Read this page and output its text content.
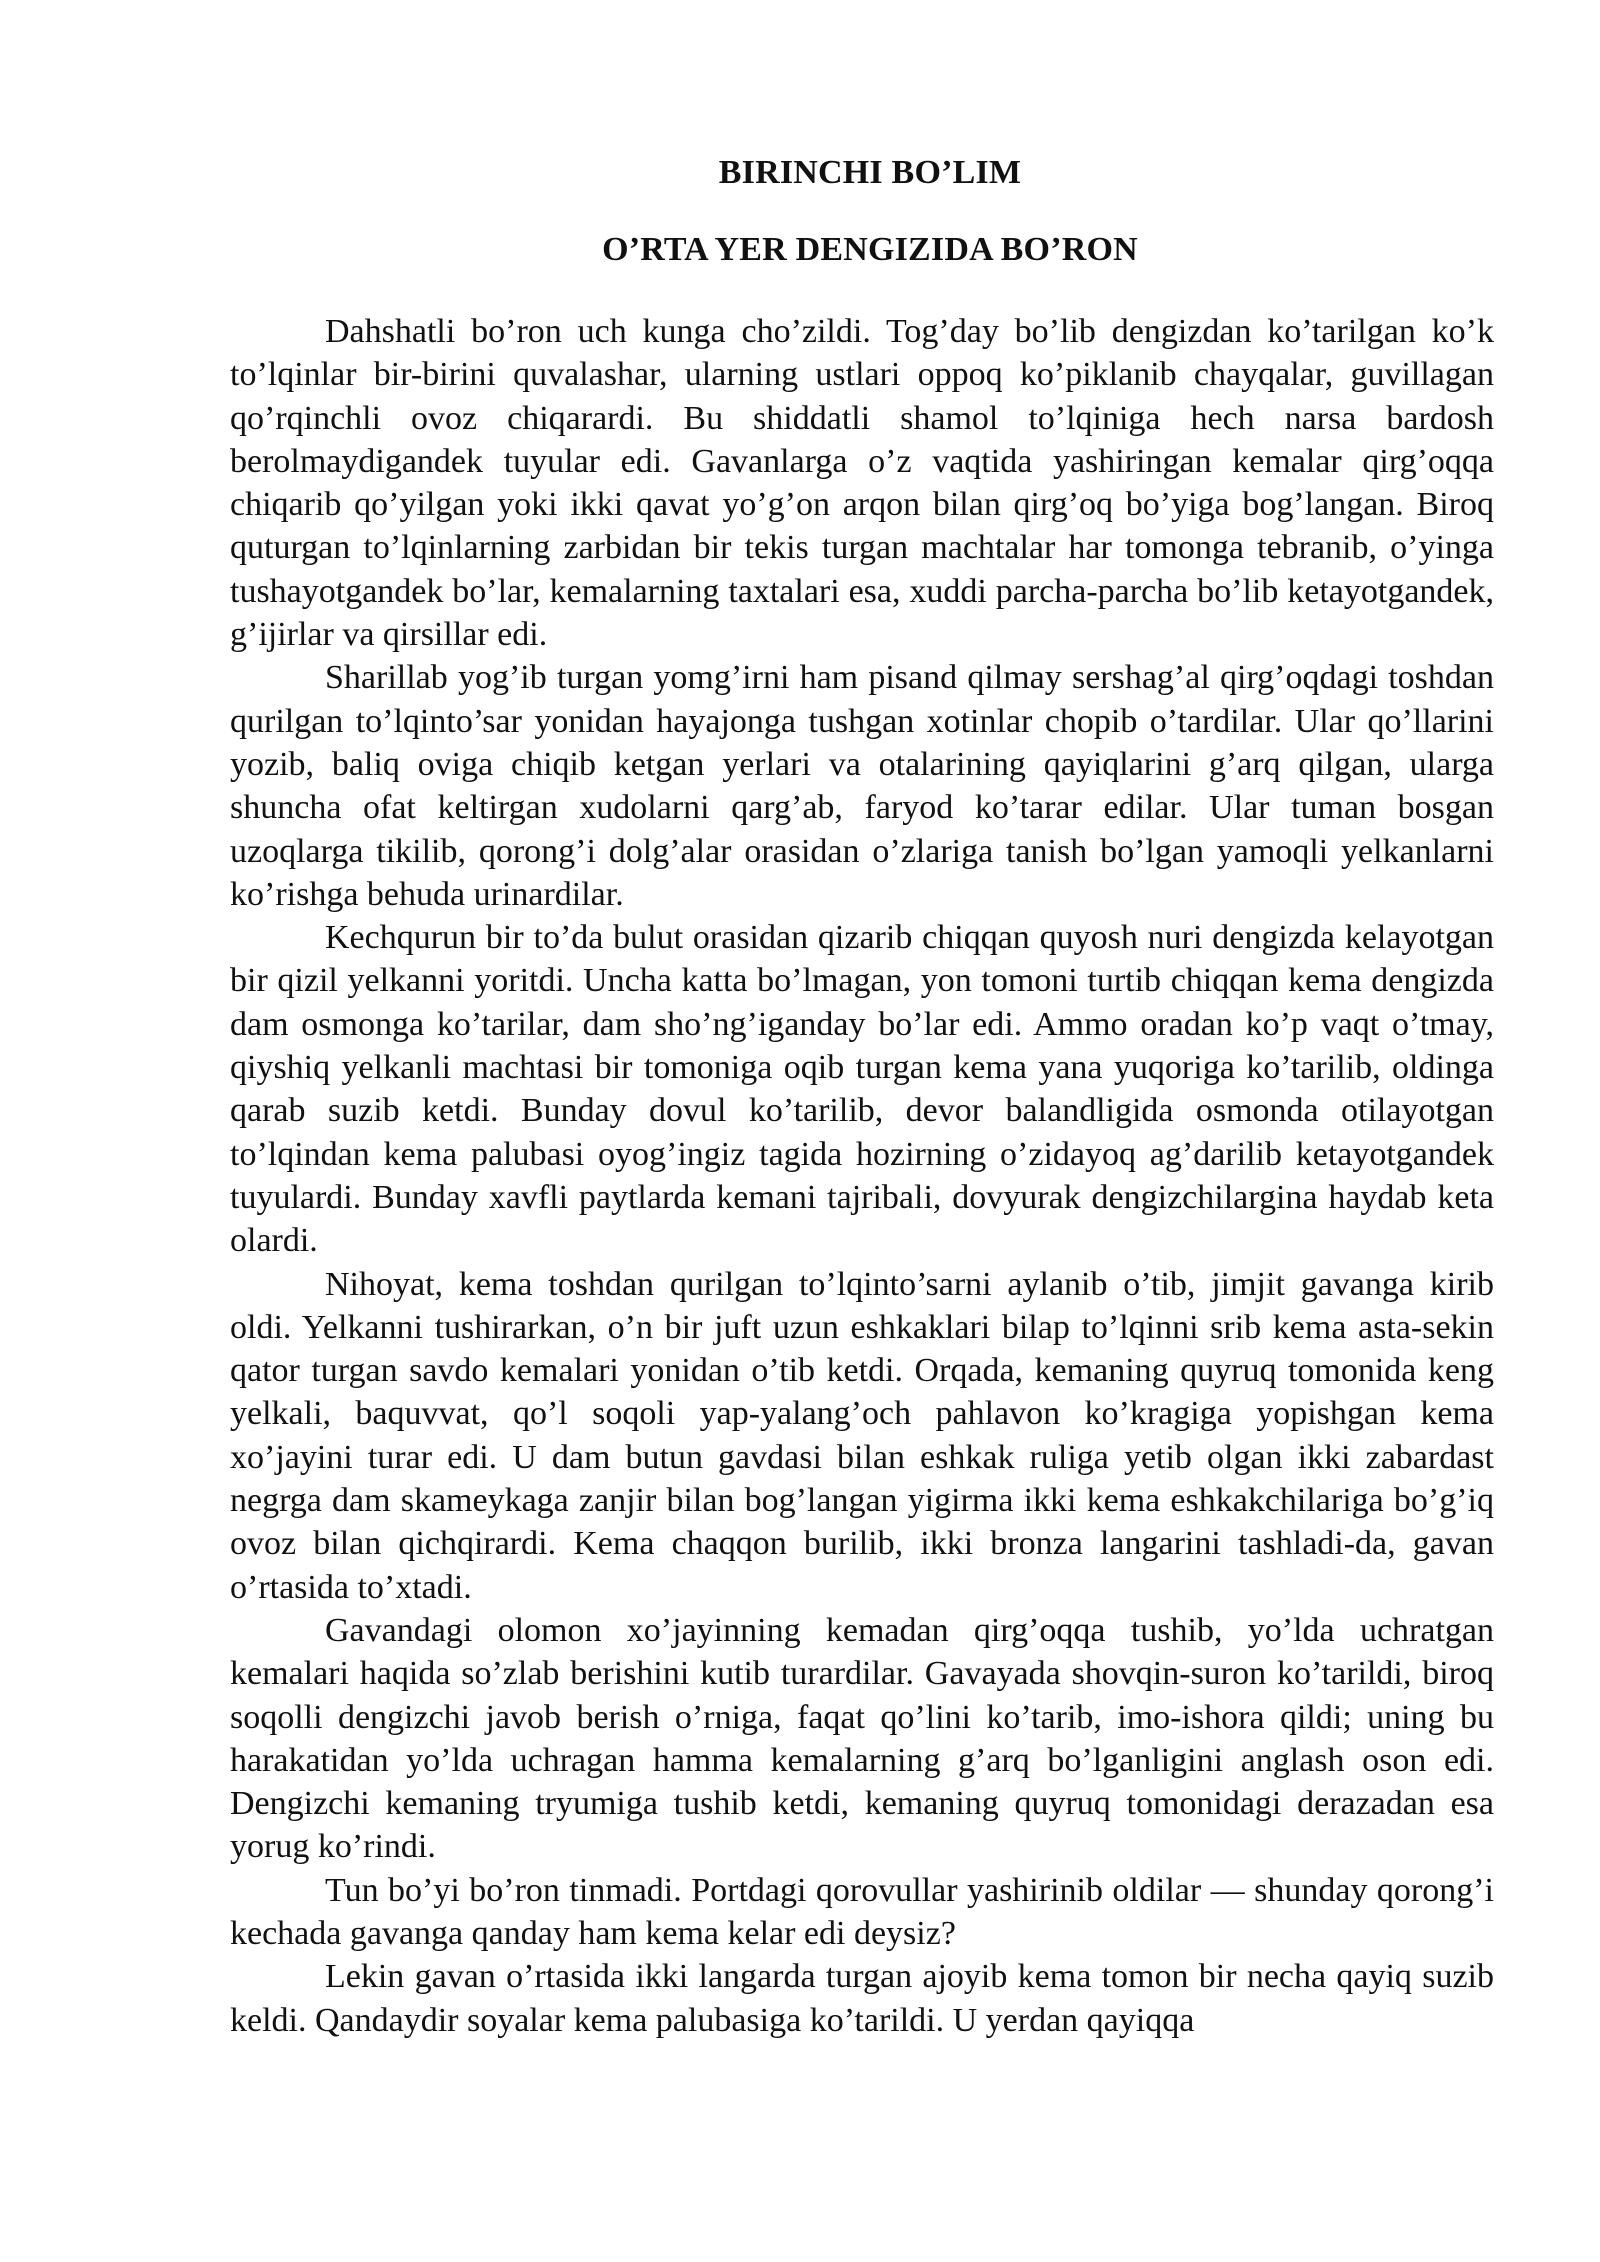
BIRINCHI BO’LIM
O’RTA YER DENGIZIDA BO’RON

Dahshatli bo’ron uch kunga cho’zildi. Tog’day bo’lib dengizdan ko’tarilgan ko’k to’lqinlar bir-birini quvalashar, ularning ustlari oppoq ko’piklanib chayqalar, guvillagan qo’rqinchli ovoz chiqarardi. Bu shiddatli shamol to’lqiniga hech narsa bardosh berolmaydigandek tuyular edi. Gavanlarga o’z vaqtida yashiringan kemalar qirg’oqqa chiqarib qo’yilgan yoki ikki qavat yo’g’on arqon bilan qirg’oq bo’yiga bog’langan. Biroq quturgan to’lqinlarning zarbidan bir tekis turgan machtalar har tomonga tebranib, o’yinga tushayotgandek bo’lar, kemalarning taxtalari esa, xuddi parcha-parcha bo’lib ketayotgandek, g’ijirlar va qirsillar edi.

Sharillab yog’ib turgan yomg’irni ham pisand qilmay sershag’al qirg’oqdagi toshdan qurilgan to’lqinto’sar yonidan hayajonga tushgan xotinlar chopib o’tardilar. Ular qo’llarini yozib, baliq oviga chiqib ketgan yerlari va otalarining qayiqlarini g’arq qilgan, ularga shuncha ofat keltirgan xudolarni qarg’ab, faryod ko’tarar edilar. Ular tuman bosgan uzoqlarga tikilib, qorong’i dolg’alar orasidan o’zlariga tanish bo’lgan yamoqli yelkanlarni ko’rishga behuda urinardilar.

Kechqurun bir to’da bulut orasidan qizarib chiqqan quyosh nuri dengizda kelayotgan bir qizil yelkanni yoritdi. Uncha katta bo’lmagan, yon tomoni turtib chiqqan kema dengizda dam osmonga ko’tarilar, dam sho’ng’iganday bo’lar edi. Ammo oradan ko’p vaqt o’tmay, qiyshiq yelkanli machtasi bir tomoniga oqib turgan kema yana yuqoriga ko’tarilib, oldinga qarab suzib ketdi. Bunday dovul ko’tarilib, devor balandligida osmonda otilayotgan to’lqindan kema palubasi oyog’ingiz tagida hozirning o’zidayoq ag’darilib ketayotgandek tuyulardi. Bunday xavfli paytlarda kemani tajribali, dovyurak dengizchilargina haydab keta olardi.

Nihoyat, kema toshdan qurilgan to’lqinto’sarni aylanib o’tib, jimjit gavanga kirib oldi. Yelkanni tushirarkan, o’n bir juft uzun eshkaklari bilap to’lqinni srib kema asta-sekin qator turgan savdo kemalari yonidan o’tib ketdi. Orqada, kemaning quyruq tomonida keng yelkali, baquvvat, qo’l soqoli yap-yalang’och pahlavon ko’kragiga yopishgan kema xo’jayini turar edi. U dam butun gavdasi bilan eshkak ruliga yetib olgan ikki zabardast negrga dam skameykaga zanjir bilan bog’langan yigirma ikki kema eshkakchilariga bo’g’iq ovoz bilan qichqirardi. Kema chaqqon burilib, ikki bronza langarini tashladi-da, gavan o’rtasida to’xtadi.

Gavandagi olomon xo’jayinning kemadan qirg’oqqa tushib, yo’lda uchratgan kemalari haqida so’zlab berishini kutib turardilar. Gavayada shovqin-suron ko’tarildi, biroq soqolli dengizchi javob berish o’rniga, faqat qo’lini ko’tarib, imo-ishora qildi; uning bu harakatidan yo’lda uchragan hamma kemalarning g’arq bo’lganligini anglash oson edi. Dengizchi kemaning tryumiga tushib ketdi, kemaning quyruq tomonidagi derazadan esa yorug ko’rindi.

Tun bo’yi bo’ron tinmadi. Portdagi qorovullar yashirinib oldilar — shunday qorong’i kechada gavanga qanday ham kema kelar edi deysiz?

Lekin gavan o’rtasida ikki langarda turgan ajoyib kema tomon bir necha qayiq suzib keldi. Qandaydir soyalar kema palubasiga ko’tarildi. U yerdan qayiqqa
